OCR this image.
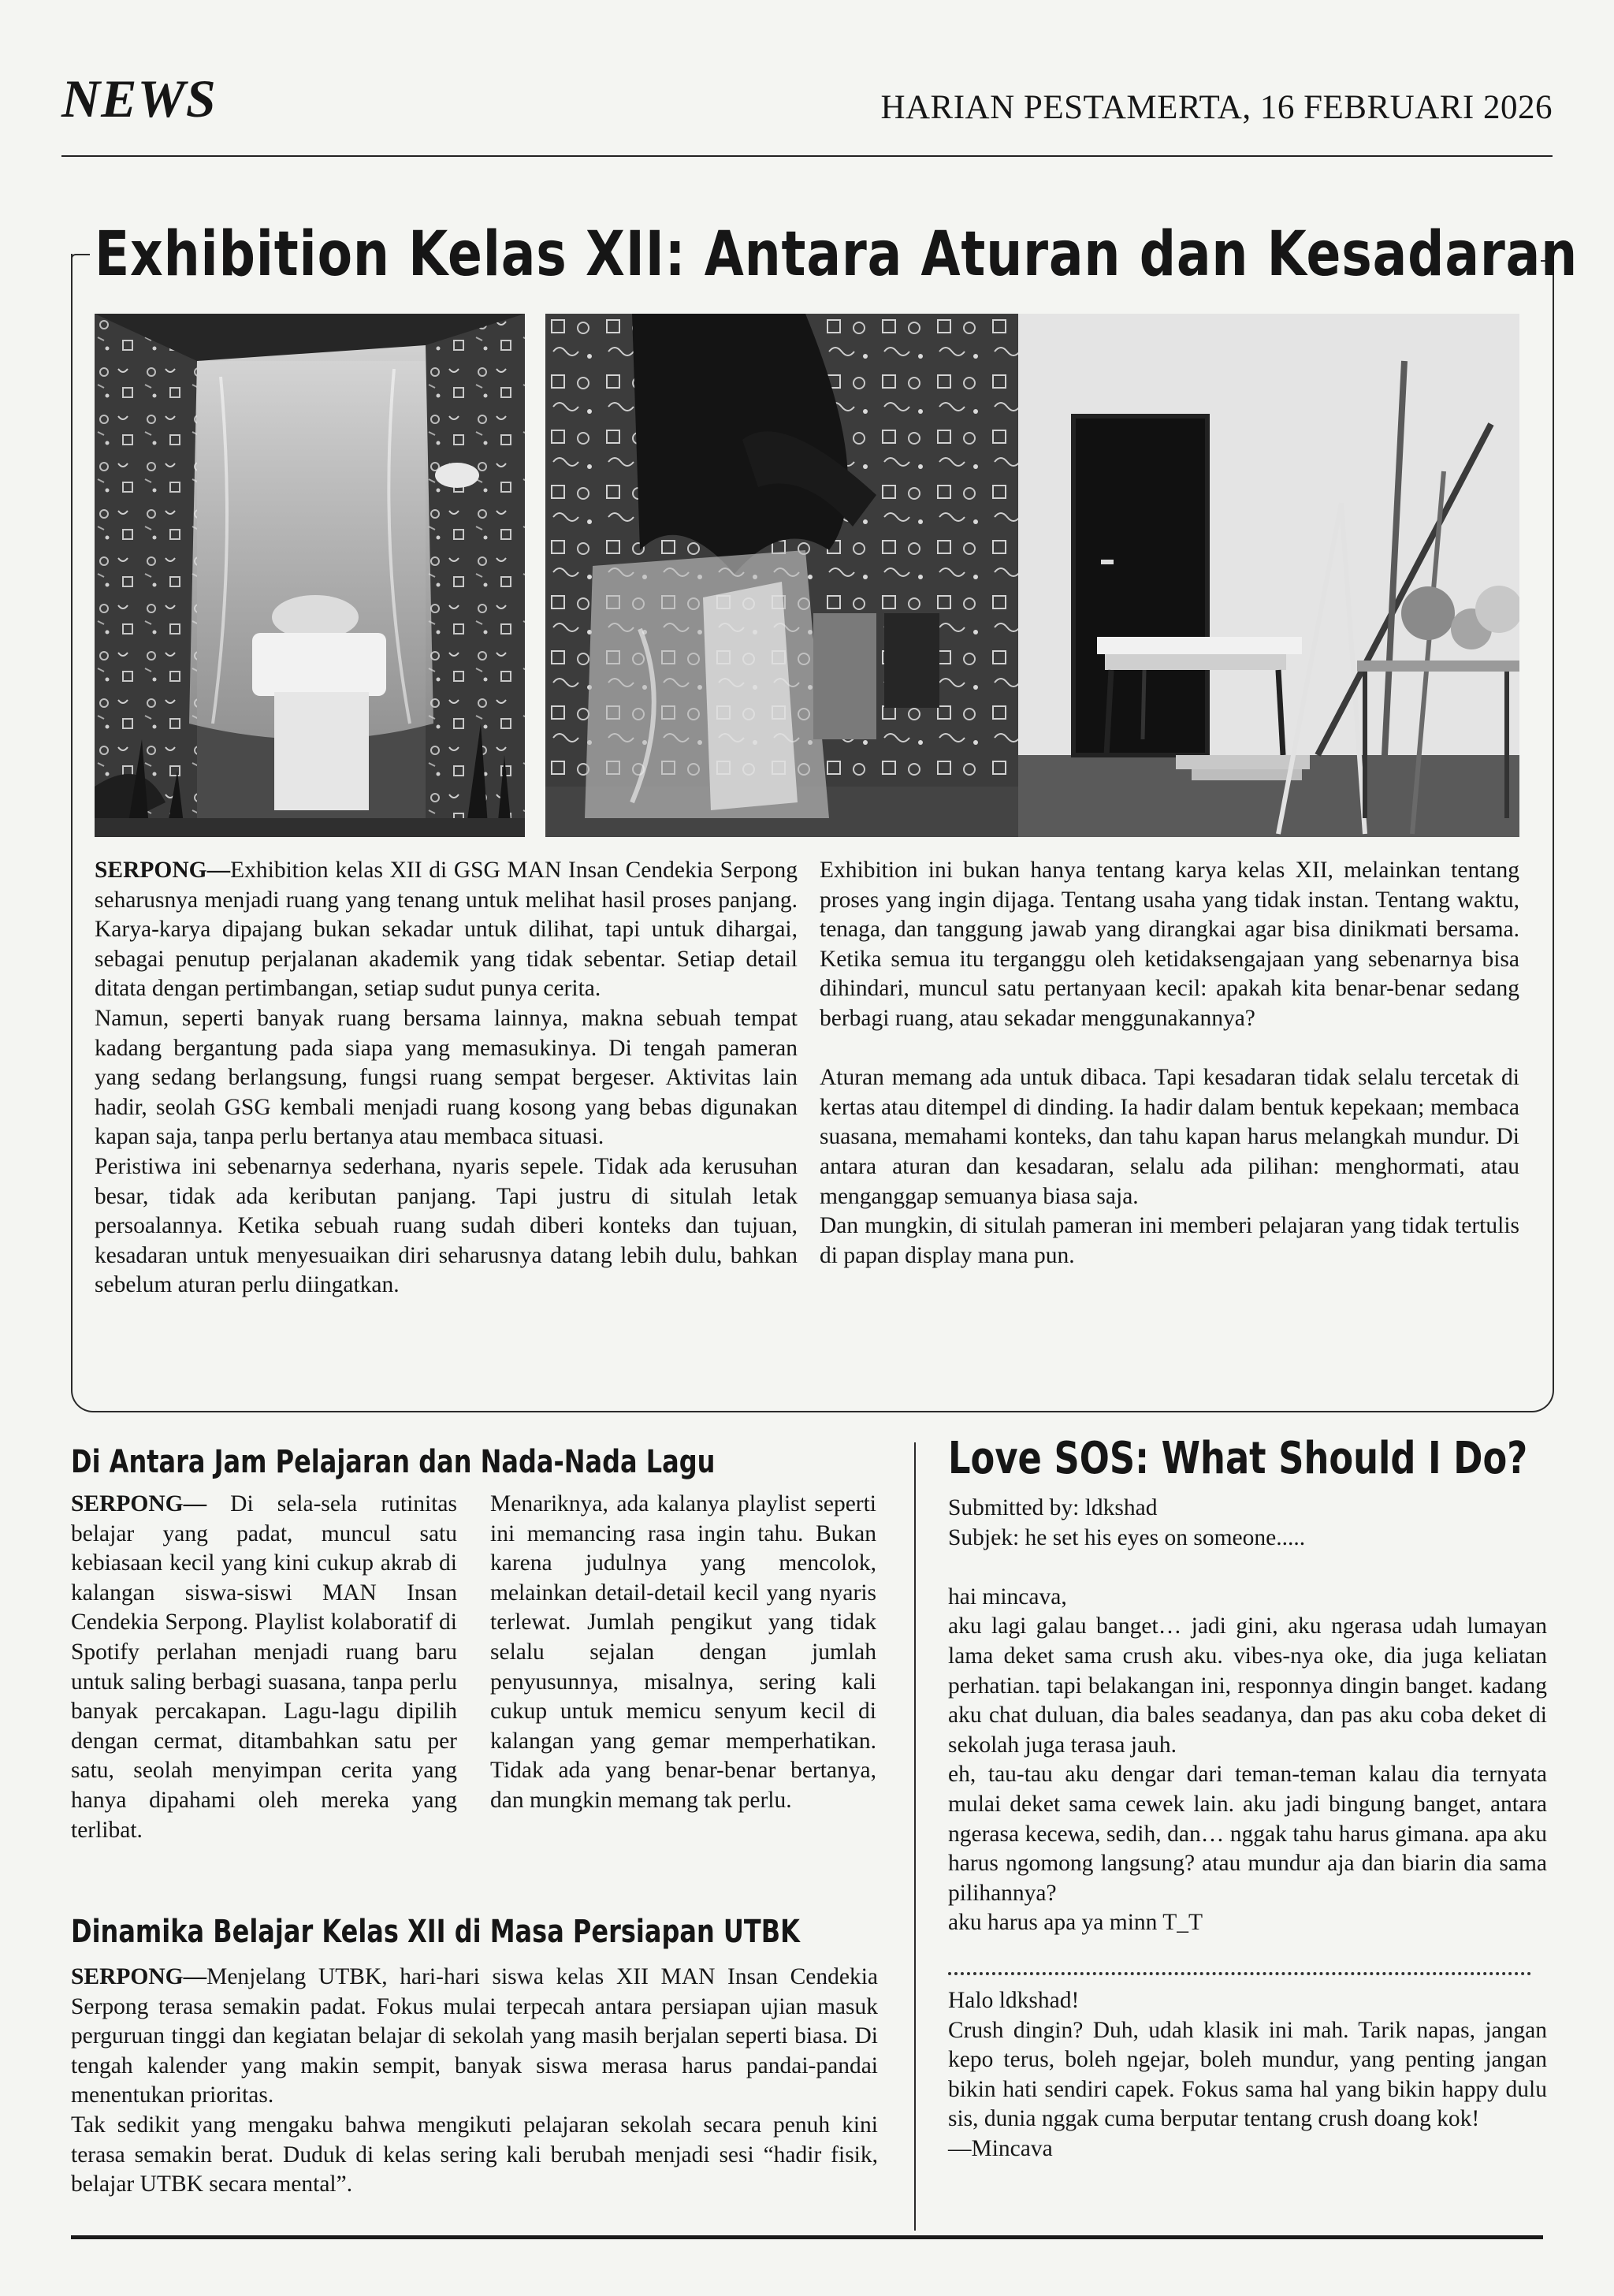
NEWS	HARIAN PESTAMERTA, 16 FEBRUARI 2026
Exhibition Kelas XII: Antara Aturan dan Kesadaran

SERPONG—Exhibition kelas XII di GSG MAN Insan Cendekia Serpong seharusnya menjadi ruang yang tenang untuk melihat hasil proses panjang. Karya-karya dipajang bukan sekadar untuk dilihat, tapi untuk dihargai, sebagai penutup perjalanan akademik yang tidak sebentar. Setiap detail ditata dengan pertimbangan, setiap sudut punya cerita.

Namun, seperti banyak ruang bersama lainnya, makna sebuah tempat kadang bergantung pada siapa yang memasukinya. Di tengah pameran yang sedang berlangsung, fungsi ruang sempat bergeser. Aktivitas lain hadir, seolah GSG kembali menjadi ruang kosong yang bebas digunakan kapan saja, tanpa perlu bertanya atau membaca situasi.

Peristiwa ini sebenarnya sederhana, nyaris sepele. Tidak ada kerusuhan besar, tidak ada keributan panjang. Tapi justru di situlah letak persoalannya. Ketika sebuah ruang sudah diberi konteks dan tujuan, kesadaran untuk menyesuaikan diri seharusnya datang lebih dulu, bahkan sebelum aturan perlu diingatkan.

Exhibition ini bukan hanya tentang karya kelas XII, melainkan tentang proses yang ingin dijaga. Tentang usaha yang tidak instan. Tentang waktu, tenaga, dan tanggung jawab yang dirangkai agar bisa dinikmati bersama. Ketika semua itu terganggu oleh ketidaksengajaan yang sebenarnya bisa dihindari, muncul satu pertanyaan kecil: apakah kita benar-benar sedang berbagi ruang, atau sekadar menggunakannya?

Aturan memang ada untuk dibaca. Tapi kesadaran tidak selalu tercetak di kertas atau ditempel di dinding. Ia hadir dalam bentuk kepekaan; membaca suasana, memahami konteks, dan tahu kapan harus melangkah mundur. Di antara aturan dan kesadaran, selalu ada pilihan: menghormati, atau menganggap semuanya biasa saja.

Dan mungkin, di situlah pameran ini memberi pelajaran yang tidak tertulis di papan display mana pun.

Di Antara Jam Pelajaran dan Nada-Nada Lagu

SERPONG— Di sela-sela rutinitas belajar yang padat, muncul satu kebiasaan kecil yang kini cukup akrab di kalangan siswa-siswi MAN Insan Cendekia Serpong. Playlist kolaboratif di Spotify perlahan menjadi ruang baru untuk saling berbagi suasana, tanpa perlu banyak percakapan. Lagu-lagu dipilih dengan cermat, ditambahkan satu per satu, seolah menyimpan cerita yang hanya dipahami oleh mereka yang terlibat.

Menariknya, ada kalanya playlist seperti ini memancing rasa ingin tahu. Bukan karena judulnya yang mencolok, melainkan detail-detail kecil yang nyaris terlewat. Jumlah pengikut yang tidak selalu sejalan dengan jumlah penyusunnya, misalnya, sering kali cukup untuk memicu senyum kecil di kalangan yang gemar memperhatikan. Tidak ada yang benar-benar bertanya, dan mungkin memang tak perlu.

Dinamika Belajar Kelas XII di Masa Persiapan UTBK

SERPONG—Menjelang UTBK, hari-hari siswa kelas XII MAN Insan Cendekia Serpong terasa semakin padat. Fokus mulai terpecah antara persiapan ujian masuk perguruan tinggi dan kegiatan belajar di sekolah yang masih berjalan seperti biasa. Di tengah kalender yang makin sempit, banyak siswa merasa harus pandai-pandai menentukan prioritas.

Tak sedikit yang mengaku bahwa mengikuti pelajaran sekolah secara penuh kini terasa semakin berat. Duduk di kelas sering kali berubah menjadi sesi “hadir fisik, belajar UTBK secara mental”.

Love SOS: What Should I Do?

Submitted by: ldkshad

Subjek: he set his eyes on someone.....

hai mincava,

aku lagi galau banget… jadi gini, aku ngerasa udah lumayan lama deket sama crush aku. vibes-nya oke, dia juga keliatan perhatian. tapi belakangan ini, responnya dingin banget. kadang aku chat duluan, dia bales seadanya, dan pas aku coba deket di sekolah juga terasa jauh.

eh, tau-tau aku dengar dari teman-teman kalau dia ternyata mulai deket sama cewek lain. aku jadi bingung banget, antara ngerasa kecewa, sedih, dan… nggak tahu harus gimana. apa aku harus ngomong langsung? atau mundur aja dan biarin dia sama pilihannya?

aku harus apa ya minn T_T

Halo ldkshad!

Crush dingin? Duh, udah klasik ini mah. Tarik napas, jangan kepo terus, boleh ngejar, boleh mundur, yang penting jangan bikin hati sendiri capek. Fokus sama hal yang bikin happy dulu sis, dunia nggak cuma berputar tentang crush doang kok!

—Mincava
